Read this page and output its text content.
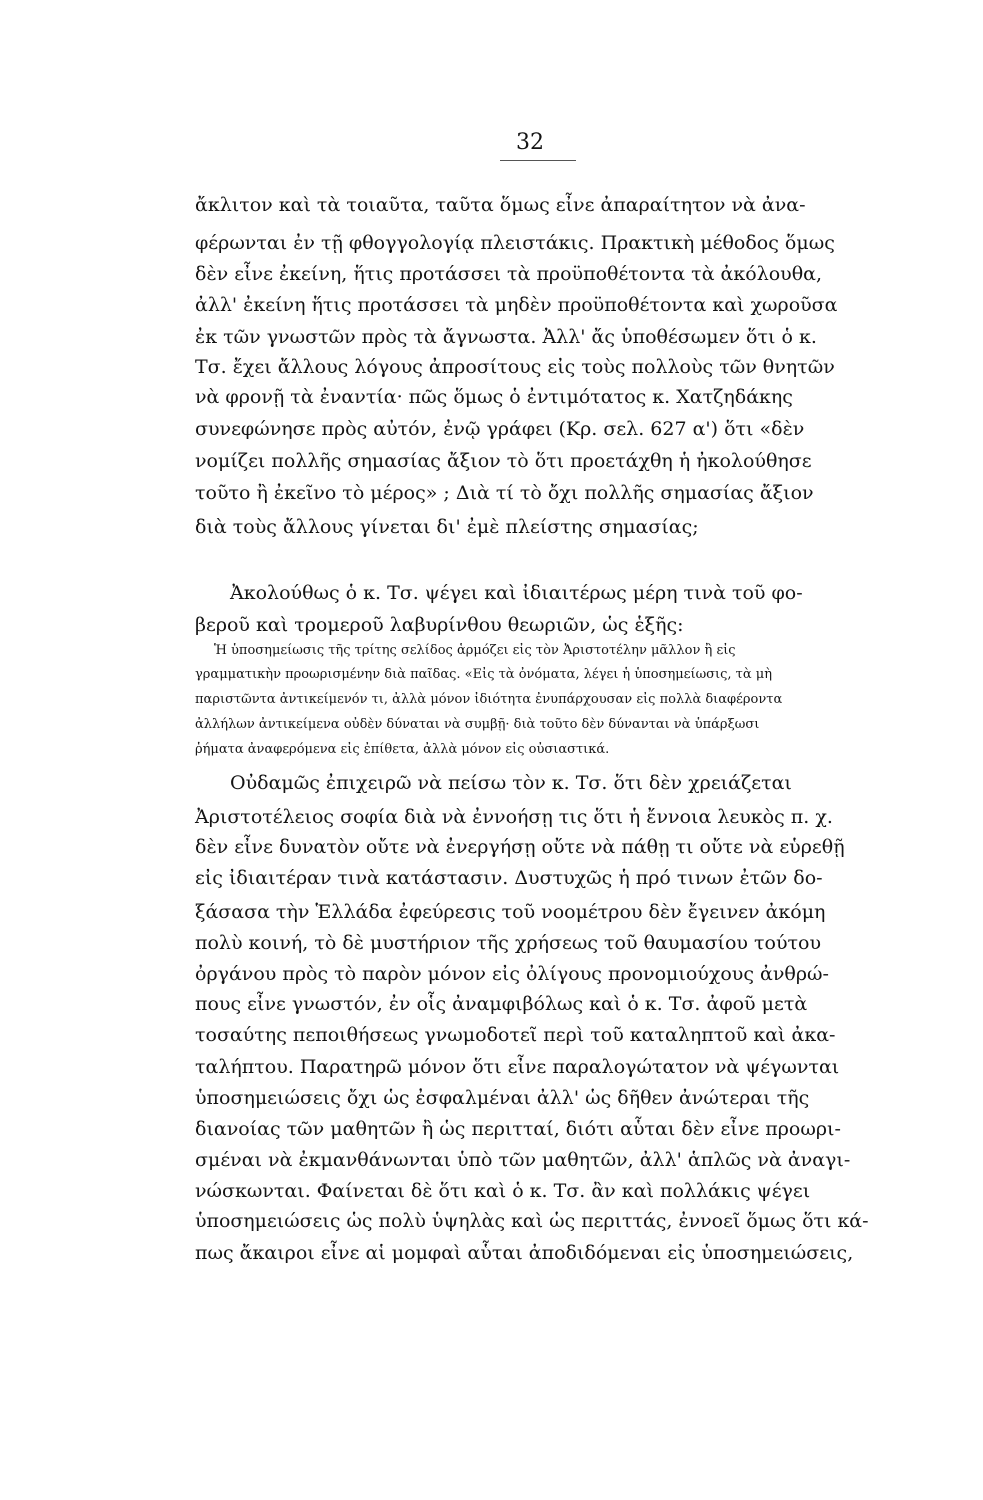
32
ἄκλιτον καὶ τὰ τοιαῦτα, ταῦτα ὅμως εἶνε ἀπαραίτητον νὰ ἀνα-
φέρωνται ἐν τῇ φθογγολογίᾳ πλειστάκις. Πρακτικὴ μέθοδος ὅμως
δὲν εἶνε ἐκείνη, ἥτις προτάσσει τὰ προϋποθέτοντα τὰ ἀκόλουθα,
ἀλλ' ἐκείνη ἥτις προτάσσει τὰ μηδὲν προϋποθέτοντα καὶ χωροῦσα
ἐκ τῶν γνωστῶν πρὸς τὰ ἄγνωστα. Ἀλλ' ἄς ὑποθέσωμεν ὅτι ὁ κ.
Τσ. ἔχει ἄλλους λόγους ἀπροσίτους εἰς τοὺς πολλοὺς τῶν θνητῶν
νὰ φρονῇ τὰ ἐναντία· πῶς ὅμως ὁ ἐντιμότατος κ. Χατζηδάκης
συνεφώνησε πρὸς αὐτόν, ἐνῷ γράφει (Κρ. σελ. 627 α') ὅτι «δὲν
νομίζει πολλῆς σημασίας ἄξιον τὸ ὅτι προετάχθη ἡ ἠκολούθησε
τοῦτο ἢ ἐκεῖνο τὸ μέρος» ; Διὰ τί τὸ ὄχι πολλῆς σημασίας ἄξιον
διὰ τοὺς ἄλλους γίνεται δι' ἐμὲ πλείστης σημασίας;
Ἀκολούθως ὁ κ. Τσ. ψέγει καὶ ἰδιαιτέρως μέρη τινὰ τοῦ φο-
βεροῦ καὶ τρομεροῦ λαβυρίνθου θεωριῶν, ὡς ἑξῆς:
Ἡ ὑποσημείωσις τῆς τρίτης σελίδος ἁρμόζει εἰς τὸν Ἀριστοτέλην μᾶλλον ἢ εἰς
γραμματικὴν προωρισμένην διὰ παῖδας. «Εἰς τὰ ὀνόματα, λέγει ἡ ὑποσημείωσις, τὰ μὴ
παριστῶντα ἀντικείμενόν τι, ἀλλὰ μόνον ἰδιότητα ἐνυπάρχουσαν εἰς πολλὰ διαφέροντα
ἀλλήλων ἀντικείμενα οὐδὲν δύναται νὰ συμβῇ· διὰ τοῦτο δὲν δύνανται νὰ ὑπάρξωσι
ῥήματα ἀναφερόμενα εἰς ἐπίθετα, ἀλλὰ μόνον εἰς οὐσιαστικά.
Οὐδαμῶς ἐπιχειρῶ νὰ πείσω τὸν κ. Τσ. ὅτι δὲν χρειάζεται
Ἀριστοτέλειος σοφία διὰ νὰ ἐννοήσῃ τις ὅτι ἡ ἔννοια λευκὸς π. χ.
δὲν εἶνε δυνατὸν οὔτε νὰ ἐνεργήσῃ οὔτε νὰ πάθῃ τι οὔτε νὰ εὑρεθῇ
εἰς ἰδιαιτέραν τινὰ κατάστασιν. Δυστυχῶς ἡ πρό τινων ἐτῶν δο-
ξάσασα τὴν Ἑλλάδα ἐφεύρεσις τοῦ νοομέτρου δὲν ἔγεινεν ἀκόμη
πολὺ κοινή, τὸ δὲ μυστήριον τῆς χρήσεως τοῦ θαυμασίου τούτου
ὀργάνου πρὸς τὸ παρὸν μόνον εἰς ὀλίγους προνομιούχους ἀνθρώ-
πους εἶνε γνωστόν, ἐν οἷς ἀναμφιβόλως καὶ ὁ κ. Τσ. ἀφοῦ μετὰ
τοσαύτης πεποιθήσεως γνωμοδοτεῖ περὶ τοῦ καταληπτοῦ καὶ ἀκα-
ταλήπτου. Παρατηρῶ μόνον ὅτι εἶνε παραλογώτατον νὰ ψέγωνται
ὑποσημειώσεις ὄχι ὡς ἐσφαλμέναι ἀλλ' ὡς δῆθεν ἀνώτεραι τῆς
διανοίας τῶν μαθητῶν ἢ ὡς περιτταί, διότι αὗται δὲν εἶνε προωρι-
σμέναι νὰ ἐκμανθάνωνται ὑπὸ τῶν μαθητῶν, ἀλλ' ἁπλῶς νὰ ἀναγι-
νώσκωνται. Φαίνεται δὲ ὅτι καὶ ὁ κ. Τσ. ἂν καὶ πολλάκις ψέγει
ὑποσημειώσεις ὡς πολὺ ὑψηλὰς καὶ ὡς περιττάς, ἐννοεῖ ὅμως ὅτι κά-
πως ἄκαιροι εἶνε αἱ μομφαὶ αὗται ἀποδιδόμεναι εἰς ὑποσημειώσεις,
